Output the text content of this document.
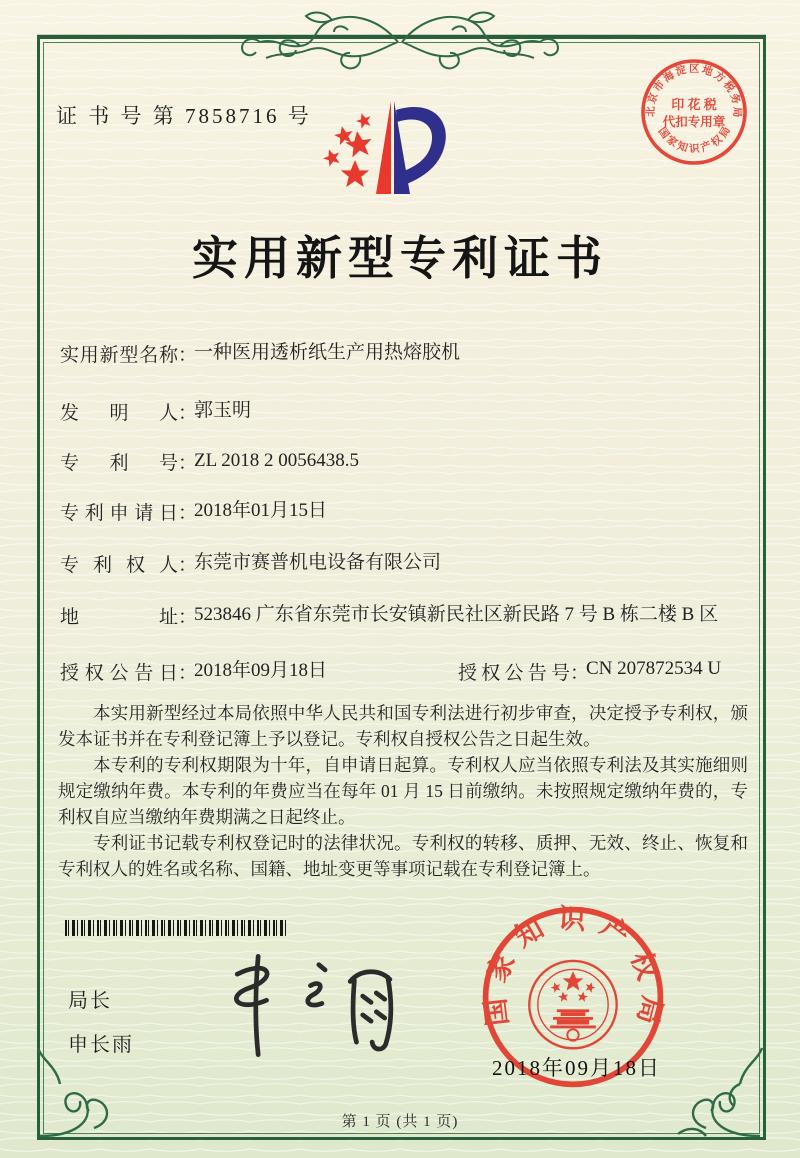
证 书 号 第 7858716 号	北京市海淀区地方税务局
国家知识产权局
印 花 税
代扣专用章
实用新型专利证书
实用新型名称：一种医用透析纸生产用热熔胶机
发明人：郭玉明
专利号：ZL 2018 2 0056438.5
专利申请日：2018年01月15日
专利权人：东莞市赛普机电设备有限公司
地址：523846 广东省东莞市长安镇新民社区新民路 7 号 B 栋二楼 B 区
授权公告日：2018年09月18日	授权公告号：CN 207872534 U

本实用新型经过本局依照中华人民共和国专利法进行初步审查，决定授予专利权，颁发本证书并在专利登记簿上予以登记。专利权自授权公告之日起生效。

本专利的专利权期限为十年，自申请日起算。专利权人应当依照专利法及其实施细则规定缴纳年费。本专利的年费应当在每年 01 月 15 日前缴纳。未按照规定缴纳年费的，专利权自应当缴纳年费期满之日起终止。

专利证书记载专利权登记时的法律状况。专利权的转移、质押、无效、终止、恢复和专利权人的姓名或名称、国籍、地址变更等事项记载在专利登记簿上。

局长
申长雨
国家知识产权局
2018年09月18日
第 1 页 (共 1 页)
